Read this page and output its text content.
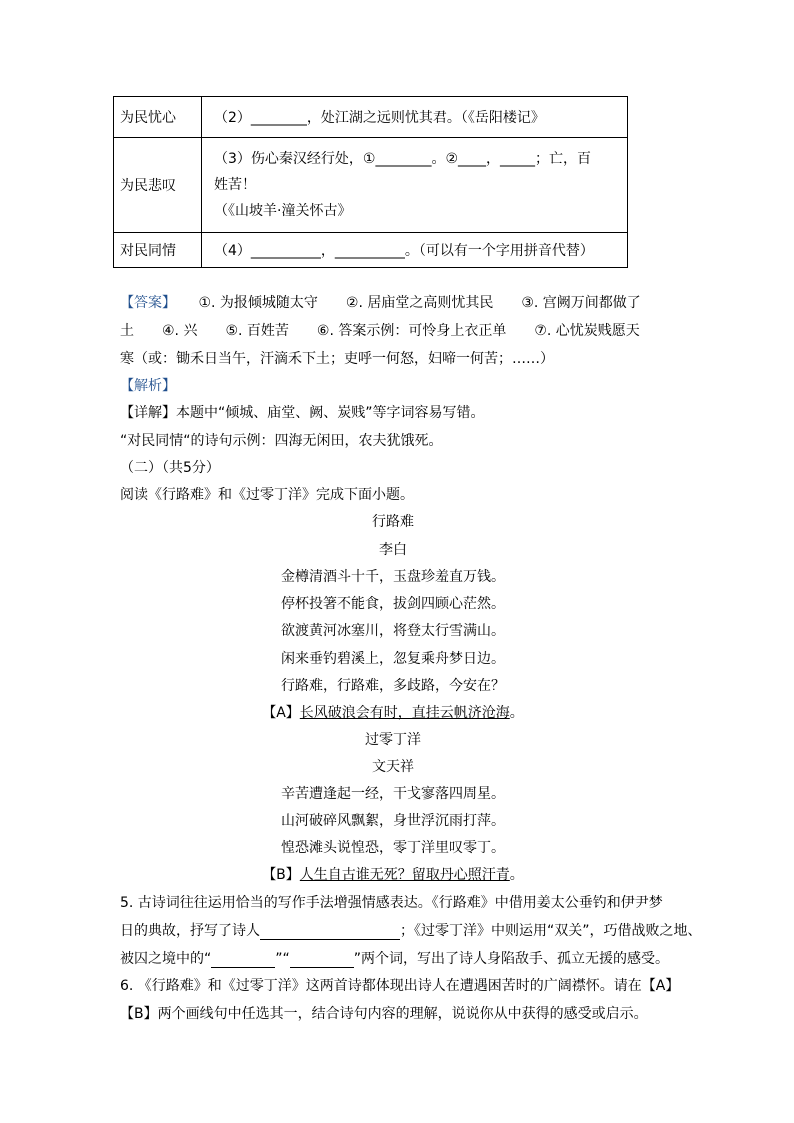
为民忧心	（2）________，处江湖之远则忧其君。（《岳阳楼记》
为民悲叹	（3）伤心秦汉经行处，①________。②____，_____；亡，百
姓苦！
（《山坡羊·潼关怀古》

对民同情	（4）__________，__________。（可以有一个字用拼音代替）
【答案】 ①. 为报倾城随太守　　②. 居庙堂之高则忧其民　　③. 宫阙万间都做了
土　　④. 兴　　⑤. 百姓苦　　⑥. 答案示例：可怜身上衣正单　　⑦. 心忧炭贱愿天
寒（或：锄禾日当午，汗滴禾下土；吏呼一何怒，妇啼一何苦；……）
【解析】
【详解】本题中“倾城、庙堂、阙、炭贱”等字词容易写错。
“对民同情“的诗句示例：四海无闲田，农夫犹饿死。
（二）（共5分）
阅读《行路难》和《过零丁洋》完成下面小题。
行路难
李白
金樽清酒斗十千，玉盘珍羞直万钱。
停杯投箸不能食，拔剑四顾心茫然。
欲渡黄河冰塞川，将登太行雪满山。
闲来垂钓碧溪上，忽复乘舟梦日边。
行路难，行路难，多歧路，今安在？
【A】长风破浪会有时，直挂云帆济沧海。
过零丁洋
文天祥
辛苦遭逢起一经，干戈寥落四周星。
山河破碎风飘絮，身世浮沉雨打萍。
惶恐滩头说惶恐，零丁洋里叹零丁。
【B】人生自古谁无死？留取丹心照汗青。
5. 古诗词往往运用恰当的写作手法增强情感表达。《行路难》中借用姜太公垂钓和伊尹梦
日的典故，抒写了诗人	；《过零丁洋》中则运用“双关”，巧借战败之地、
被囚之境中的“	”“	”两个词，写出了诗人身陷敌手、孤立无援的感受。
6. 《行路难》和《过零丁洋》这两首诗都体现出诗人在遭遇困苦时的广阔襟怀。请在【A】
【B】两个画线句中任选其一，结合诗句内容的理解，说说你从中获得的感受或启示。
